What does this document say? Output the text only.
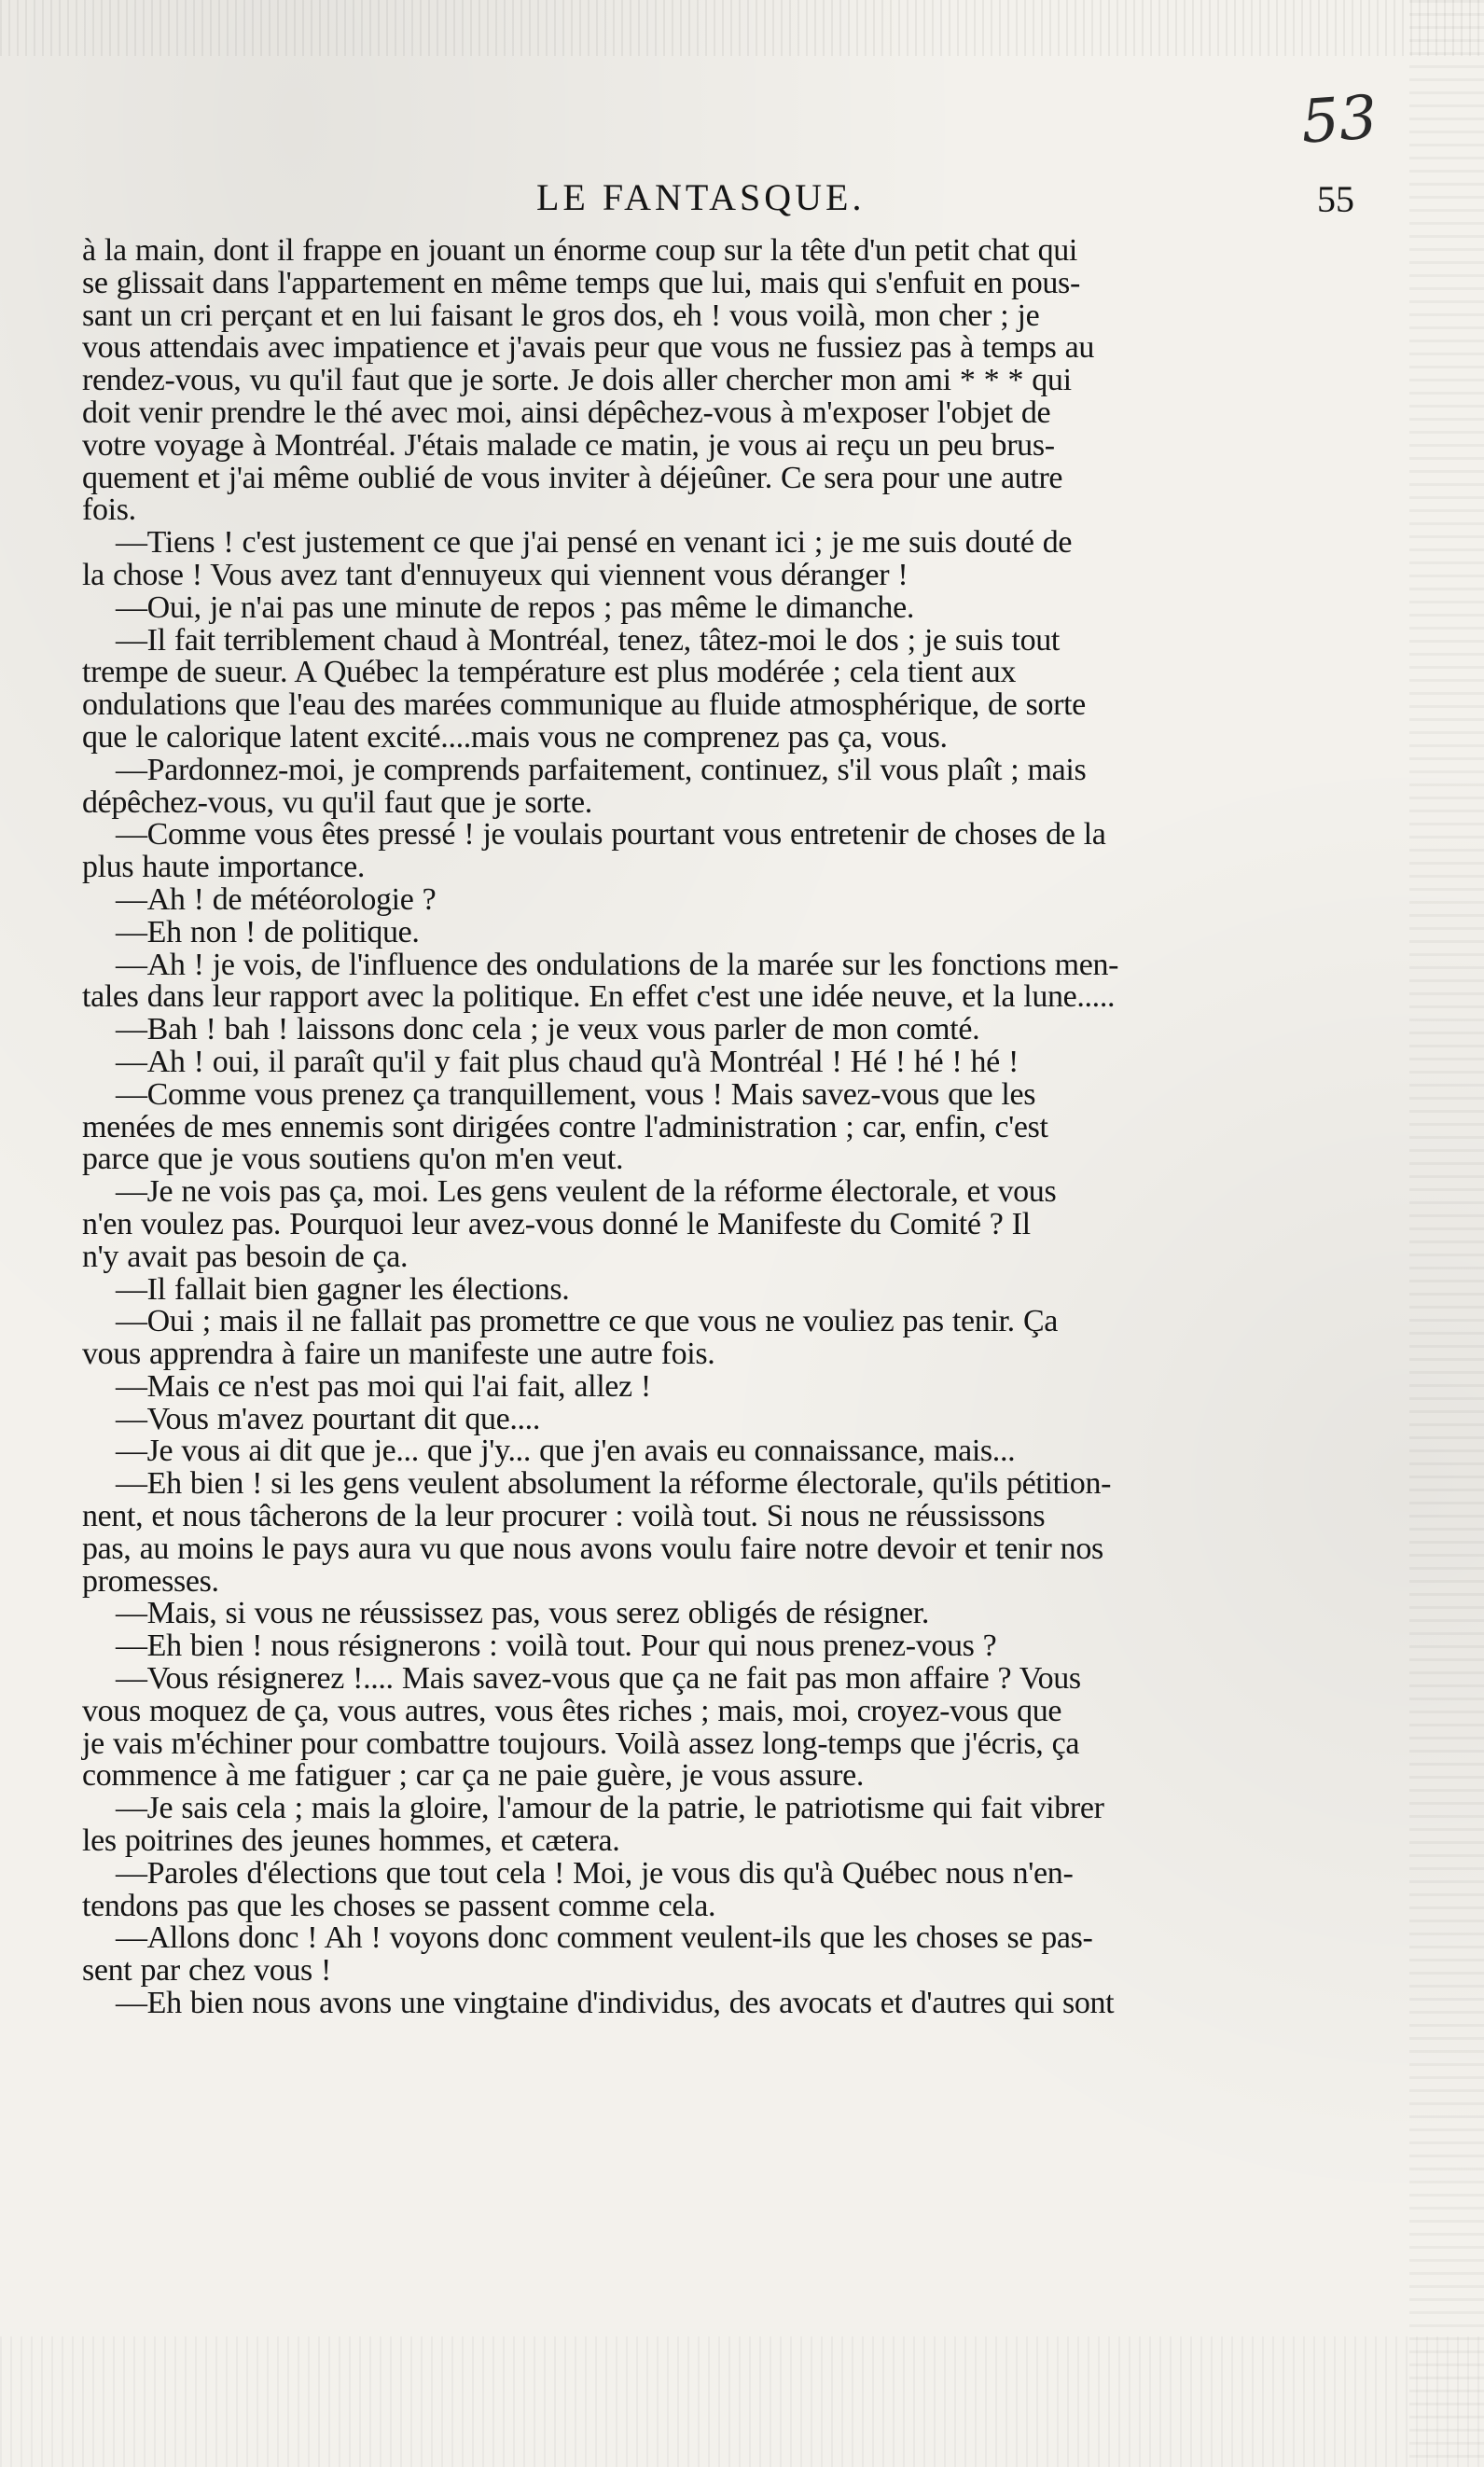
53
LE FANTASQUE.	55
à la main, dont il frappe en jouant un énorme coup sur la tête d'un petit chat qui
se glissait dans l'appartement en même temps que lui, mais qui s'enfuit en pous-
sant un cri perçant et en lui faisant le gros dos, eh ! vous voilà, mon cher ; je
vous attendais avec impatience et j'avais peur que vous ne fussiez pas à temps au
rendez-vous, vu qu'il faut que je sorte. Je dois aller chercher mon ami * * * qui
doit venir prendre le thé avec moi, ainsi dépêchez-vous à m'exposer l'objet de
votre voyage à Montréal. J'étais malade ce matin, je vous ai reçu un peu brus-
quement et j'ai même oublié de vous inviter à déjeûner. Ce sera pour une autre
fois.
—Tiens ! c'est justement ce que j'ai pensé en venant ici ; je me suis douté de
la chose ! Vous avez tant d'ennuyeux qui viennent vous déranger !
—Oui, je n'ai pas une minute de repos ; pas même le dimanche.
—Il fait terriblement chaud à Montréal, tenez, tâtez-moi le dos ; je suis tout
trempe de sueur. A Québec la température est plus modérée ; cela tient aux
ondulations que l'eau des marées communique au fluide atmosphérique, de sorte
que le calorique latent excité....mais vous ne comprenez pas ça, vous.
—Pardonnez-moi, je comprends parfaitement, continuez, s'il vous plaît ; mais
dépêchez-vous, vu qu'il faut que je sorte.
—Comme vous êtes pressé ! je voulais pourtant vous entretenir de choses de la
plus haute importance.
—Ah ! de météorologie ?
—Eh non ! de politique.
—Ah ! je vois, de l'influence des ondulations de la marée sur les fonctions men-
tales dans leur rapport avec la politique. En effet c'est une idée neuve, et la lune.....
—Bah ! bah ! laissons donc cela ; je veux vous parler de mon comté.
—Ah ! oui, il paraît qu'il y fait plus chaud qu'à Montréal ! Hé ! hé ! hé !
—Comme vous prenez ça tranquillement, vous ! Mais savez-vous que les
menées de mes ennemis sont dirigées contre l'administration ; car, enfin, c'est
parce que je vous soutiens qu'on m'en veut.
—Je ne vois pas ça, moi. Les gens veulent de la réforme électorale, et vous
n'en voulez pas. Pourquoi leur avez-vous donné le Manifeste du Comité ? Il
n'y avait pas besoin de ça.
—Il fallait bien gagner les élections.
—Oui ; mais il ne fallait pas promettre ce que vous ne vouliez pas tenir. Ça
vous apprendra à faire un manifeste une autre fois.
—Mais ce n'est pas moi qui l'ai fait, allez !
—Vous m'avez pourtant dit que....
—Je vous ai dit que je... que j'y... que j'en avais eu connaissance, mais...
—Eh bien ! si les gens veulent absolument la réforme électorale, qu'ils pétition-
nent, et nous tâcherons de la leur procurer : voilà tout. Si nous ne réussissons
pas, au moins le pays aura vu que nous avons voulu faire notre devoir et tenir nos
promesses.
—Mais, si vous ne réussissez pas, vous serez obligés de résigner.
—Eh bien ! nous résignerons : voilà tout. Pour qui nous prenez-vous ?
—Vous résignerez !.... Mais savez-vous que ça ne fait pas mon affaire ? Vous
vous moquez de ça, vous autres, vous êtes riches ; mais, moi, croyez-vous que
je vais m'échiner pour combattre toujours. Voilà assez long-temps que j'écris, ça
commence à me fatiguer ; car ça ne paie guère, je vous assure.
—Je sais cela ; mais la gloire, l'amour de la patrie, le patriotisme qui fait vibrer
les poitrines des jeunes hommes, et cætera.
—Paroles d'élections que tout cela ! Moi, je vous dis qu'à Québec nous n'en-
tendons pas que les choses se passent comme cela.
—Allons donc ! Ah ! voyons donc comment veulent-ils que les choses se pas-
sent par chez vous !
—Eh bien nous avons une vingtaine d'individus, des avocats et d'autres qui sont
